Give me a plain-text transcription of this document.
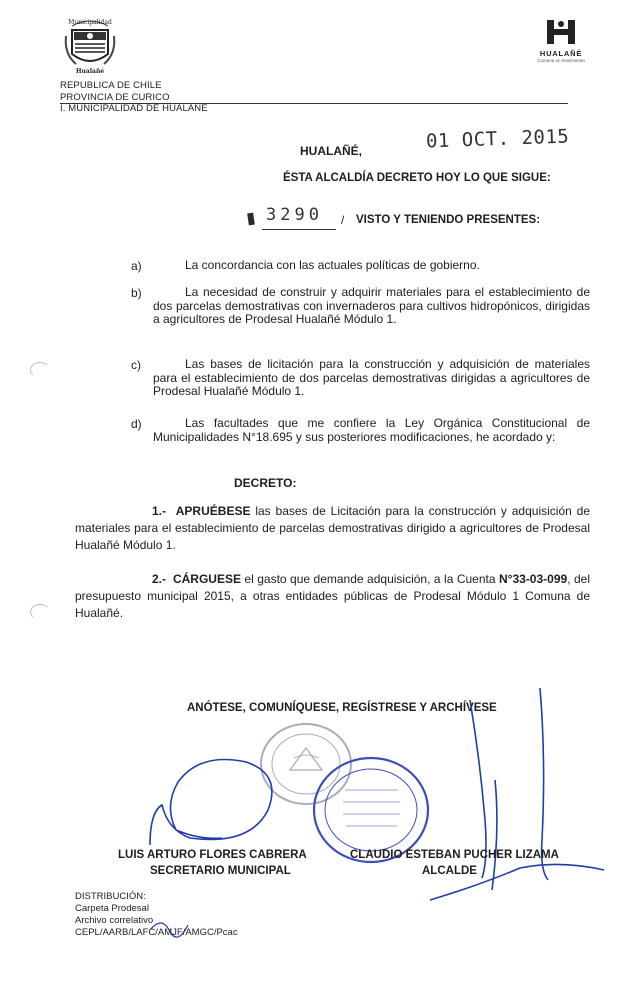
Municipalidad
Hualañé
REPUBLICA DE CHILE
PROVINCIA DE CURICO
I. MUNICIPALIDAD DE HUALAÑÉ
HUALAÑÉ
Comuna en movimiento
HUALAÑÉ,	01 OCT. 2015
ÉSTA ALCALDÍA DECRETO HOY LO QUE SIGUE:
3290 / VISTO Y TENIENDO PRESENTES:
a)	La concordancia con las actuales políticas de gobierno.
b)	La necesidad de construir y adquirir materiales para el establecimiento de dos parcelas demostrativas con invernaderos para cultivos hidropónicos, dirigidas a agricultores de Prodesal Hualañé Módulo 1.
c)	Las bases de licitación para la construcción y adquisición de materiales para el establecimiento de dos parcelas demostrativas dirigidas a agricultores de Prodesal Hualañé Módulo 1.
d)	Las facultades que me confiere la Ley Orgánica Constitucional de Municipalidades N°18.695 y sus posteriores modificaciones, he acordado y:
DECRETO:
1.- APRUÉBESE las bases de Licitación para la construcción y adquisición de materiales para el establecimiento de parcelas demostrativas dirigido a agricultores de Prodesal Hualañé Módulo 1.
2.- CÁRGUESE el gasto que demande adquisición, a la Cuenta N°33-03-099, del presupuesto municipal 2015, a otras entidades públicas de Prodesal Módulo 1 Comuna de Hualañé.
ANÓTESE, COMUNÍQUESE, REGÍSTRESE Y ARCHÍVESE
LUIS ARTURO FLORES CABRERA
SECRETARIO MUNICIPAL
CLAUDIO ESTEBAN PUCHER LIZAMA
ALCALDE
DISTRIBUCIÓN:
Carpeta Prodesal
Archivo correlativo
CEPL/AARB/LAFC/AMJF/AMGC/Pcac
